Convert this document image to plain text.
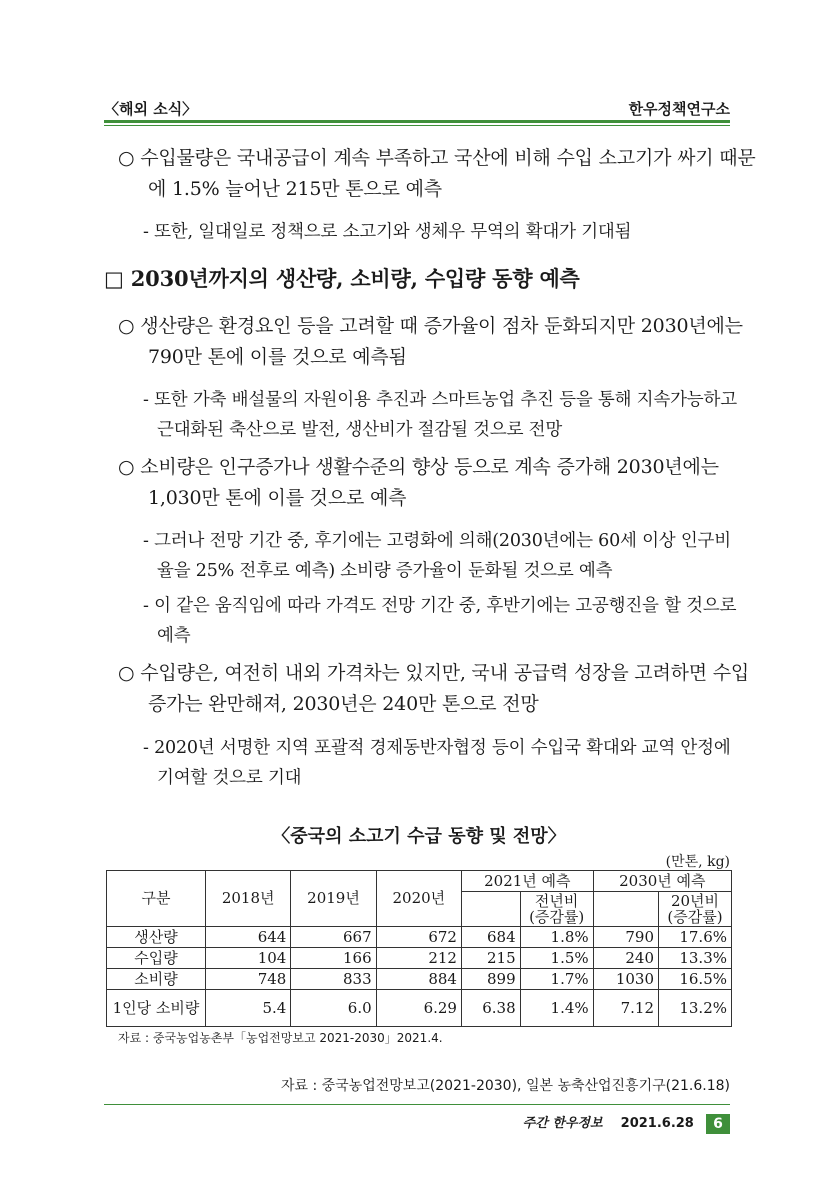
〈해외 소식〉	한우정책연구소
○ 수입물량은 국내공급이 계속 부족하고 국산에 비해 수입 소고기가 싸기 때문에 1.5% 늘어난 215만 톤으로 예측
- 또한, 일대일로 정책으로 소고기와 생체우 무역의 확대가 기대됨
□ 2030년까지의 생산량, 소비량, 수입량 동향 예측
○ 생산량은 환경요인 등을 고려할 때 증가율이 점차 둔화되지만 2030년에는 790만 톤에 이를 것으로 예측됨
- 또한 가축 배설물의 자원이용 추진과 스마트농업 추진 등을 통해 지속가능하고 근대화된 축산으로 발전, 생산비가 절감될 것으로 전망
○ 소비량은 인구증가나 생활수준의 향상 등으로 계속 증가해 2030년에는 1,030만 톤에 이를 것으로 예측
- 그러나 전망 기간 중, 후기에는 고령화에 의해(2030년에는 60세 이상 인구비율을 25% 전후로 예측) 소비량 증가율이 둔화될 것으로 예측
- 이 같은 움직임에 따라 가격도 전망 기간 중, 후반기에는 고공행진을 할 것으로 예측
○ 수입량은, 여전히 내외 가격차는 있지만, 국내 공급력 성장을 고려하면 수입 증가는 완만해져, 2030년은 240만 톤으로 전망
- 2020년 서명한 지역 포괄적 경제동반자협정 등이 수입국 확대와 교역 안정에 기여할 것으로 기대
〈중국의 소고기 수급 동향 및 전망〉
(만톤, kg)
구분	2018년	2019년	2020년	2021년 예측		2030년 예측	
					전년비 (증감률)		20년비 (증감률)
생산량	644	667	672	684	1.8%	790	17.6%
수입량	104	166	212	215	1.5%	240	13.3%
소비량	748	833	884	899	1.7%	1030	16.5%
1인당 소비량	5.4	6.0	6.29	6.38	1.4%	7.12	13.2%
자료 : 중국농업농촌부「농업전망보고 2021-2030」2021.4.
자료 : 중국농업전망보고(2021-2030), 일본 농축산업진흥기구(21.6.18)
주간 한우정보 2021.6.28 6
